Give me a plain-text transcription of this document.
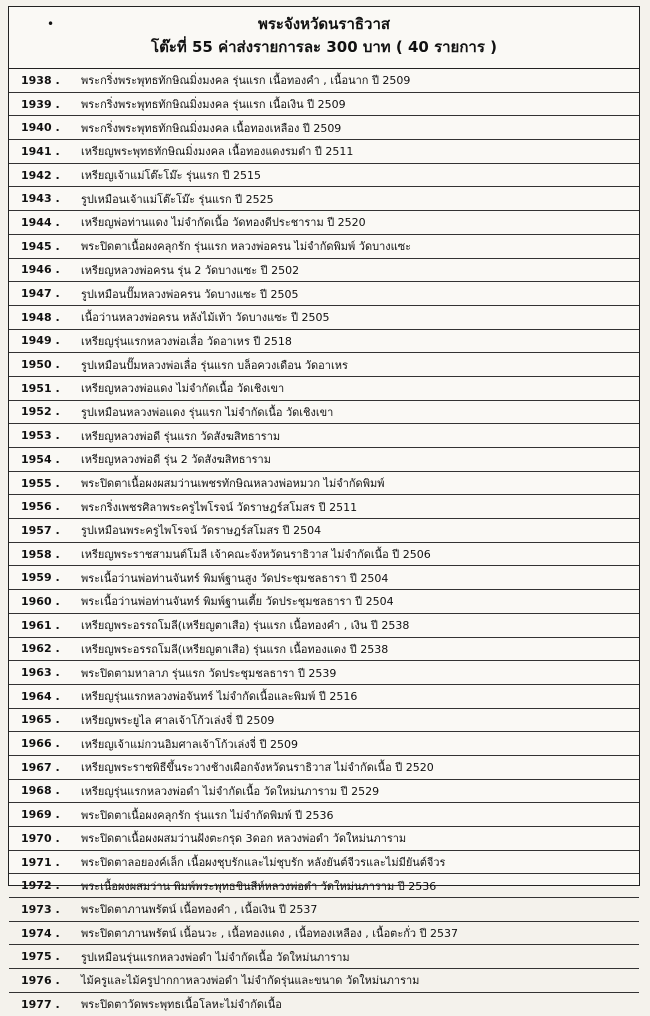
•	พระจังหวัดนราธิวาส
โต๊ะที่ 55 ค่าส่งรายการละ 300 บาท ( 40 รายการ )
1938 .	พระกริ่งพระพุทธทักษิณมิ่งมงคล รุ่นแรก เนื้อทองคำ , เนื้อนาก ปี 2509
1939 .	พระกริ่งพระพุทธทักษิณมิ่งมงคล รุ่นแรก เนื้อเงิน ปี 2509
1940 .	พระกริ่งพระพุทธทักษิณมิ่งมงคล เนื้อทองเหลือง ปี 2509
1941 .	เหรียญพระพุทธทักษิณมิ่งมงคล เนื้อทองแดงรมดำ ปี 2511
1942 .	เหรียญเจ้าแม่โต๊ะโม๊ะ รุ่นแรก ปี 2515
1943 .	รูปเหมือนเจ้าแม่โต๊ะโม๊ะ รุ่นแรก ปี 2525
1944 .	เหรียญพ่อท่านแดง ไม่จำกัดเนื้อ วัดทองดีประชาราม ปี 2520
1945 .	พระปิดตาเนื้อผงคลุกรัก รุ่นแรก หลวงพ่อครน ไม่จำกัดพิมพ์ วัดบางแซะ
1946 .	เหรียญหลวงพ่อครน รุ่น 2 วัดบางแซะ ปี 2502
1947 .	รูปเหมือนปั๊มหลวงพ่อครน วัดบางแซะ ปี 2505
1948 .	เนื้อว่านหลวงพ่อครน หลังไม้เท้า วัดบางแซะ ปี 2505
1949 .	เหรียญรุ่นแรกหลวงพ่อเลื่อ วัดอาเหร ปี 2518
1950 .	รูปเหมือนปั๊มหลวงพ่อเลื่อ รุ่นแรก บล็อควงเดือน วัดอาเหร
1951 .	เหรียญหลวงพ่อแดง ไม่จำกัดเนื้อ วัดเชิงเขา
1952 .	รูปเหมือนหลวงพ่อแดง รุ่นแรก ไม่จำกัดเนื้อ วัดเชิงเขา
1953 .	เหรียญหลวงพ่อดี รุ่นแรก วัดสังฆสิทธาราม
1954 .	เหรียญหลวงพ่อดี รุ่น 2 วัดสังฆสิทธาราม
1955 .	พระปิดตาเนื้อผงผสมว่านเพชรทักษิณหลวงพ่อหมวก ไม่จำกัดพิมพ์
1956 .	พระกริ่งเพชรศิลาพระครูไพโรจน์ วัดราษฎร์สโมสร ปี 2511
1957 .	รูปเหมือนพระครูไพโรจน์ วัดราษฎร์สโมสร ปี 2504
1958 .	เหรียญพระราชสามนต์โมลี เจ้าคณะจังหวัดนราธิวาส ไม่จำกัดเนื้อ ปี 2506
1959 .	พระเนื้อว่านพ่อท่านจันทร์ พิมพ์ฐานสูง วัดประชุมชลธารา ปี 2504
1960 .	พระเนื้อว่านพ่อท่านจันทร์ พิมพ์ฐานเตี้ย วัดประชุมชลธารา ปี 2504
1961 .	เหรียญพระอรรถโมลี(เหรียญตาเสือ) รุ่นแรก เนื้อทองคำ , เงิน ปี 2538
1962 .	เหรียญพระอรรถโมลี(เหรียญตาเสือ) รุ่นแรก เนื้อทองแดง ปี 2538
1963 .	พระปิดตามหาลาภ รุ่นแรก วัดประชุมชลธารา ปี 2539
1964 .	เหรียญรุ่นแรกหลวงพ่อจันทร์ ไม่จำกัดเนื้อและพิมพ์ ปี 2516
1965 .	เหรียญพระยูไล ศาลเจ้าโก้วเล่งจี่ ปี 2509
1966 .	เหรียญเจ้าแม่กวนอิมศาลเจ้าโก้วเล่งจี่ ปี 2509
1967 .	เหรียญพระราชพิธีขึ้นระวางช้างเผือกจังหวัดนราธิวาส ไม่จำกัดเนื้อ ปี 2520
1968 .	เหรียญรุ่นแรกหลวงพ่อดำ ไม่จำกัดเนื้อ วัดใหม่นภาราม ปี 2529
1969 .	พระปิดตาเนื้อผงคลุกรัก รุ่นแรก ไม่จำกัดพิมพ์ ปี 2536
1970 .	พระปิดตาเนื้อผงผสมว่านฝังตะกรุด 3ดอก หลวงพ่อดำ วัดใหม่นภาราม
1971 .	พระปิดตาลอยองค์เล็ก เนื้อผงชุบรักและไม่ชุบรัก หลังยันต์จีวรและไม่มียันต์จีวร
1972 .	พระเนื้อผงผสมว่าน พิมพ์พระพุทธชินสีห์หลวงพ่อดำ วัดใหม่นภาราม ปี 2536
1973 .	พระปิดตาภานพรัตน์ เนื้อทองคำ , เนื้อเงิน ปี 2537
1974 .	พระปิดตาภานพรัตน์ เนื้อนวะ , เนื้อทองแดง , เนื้อทองเหลือง , เนื้อตะกั่ว ปี 2537
1975 .	รูปเหมือนรุ่นแรกหลวงพ่อดำ ไม่จำกัดเนื้อ วัดใหม่นภาราม
1976 .	ไม้ครูและไม้ครูปากกาหลวงพ่อดำ ไม่จำกัดรุ่นและขนาด วัดใหม่นภาราม
1977 .	พระปิดตาวัดพระพุทธเนื้อโลหะไม่จำกัดเนื้อ
